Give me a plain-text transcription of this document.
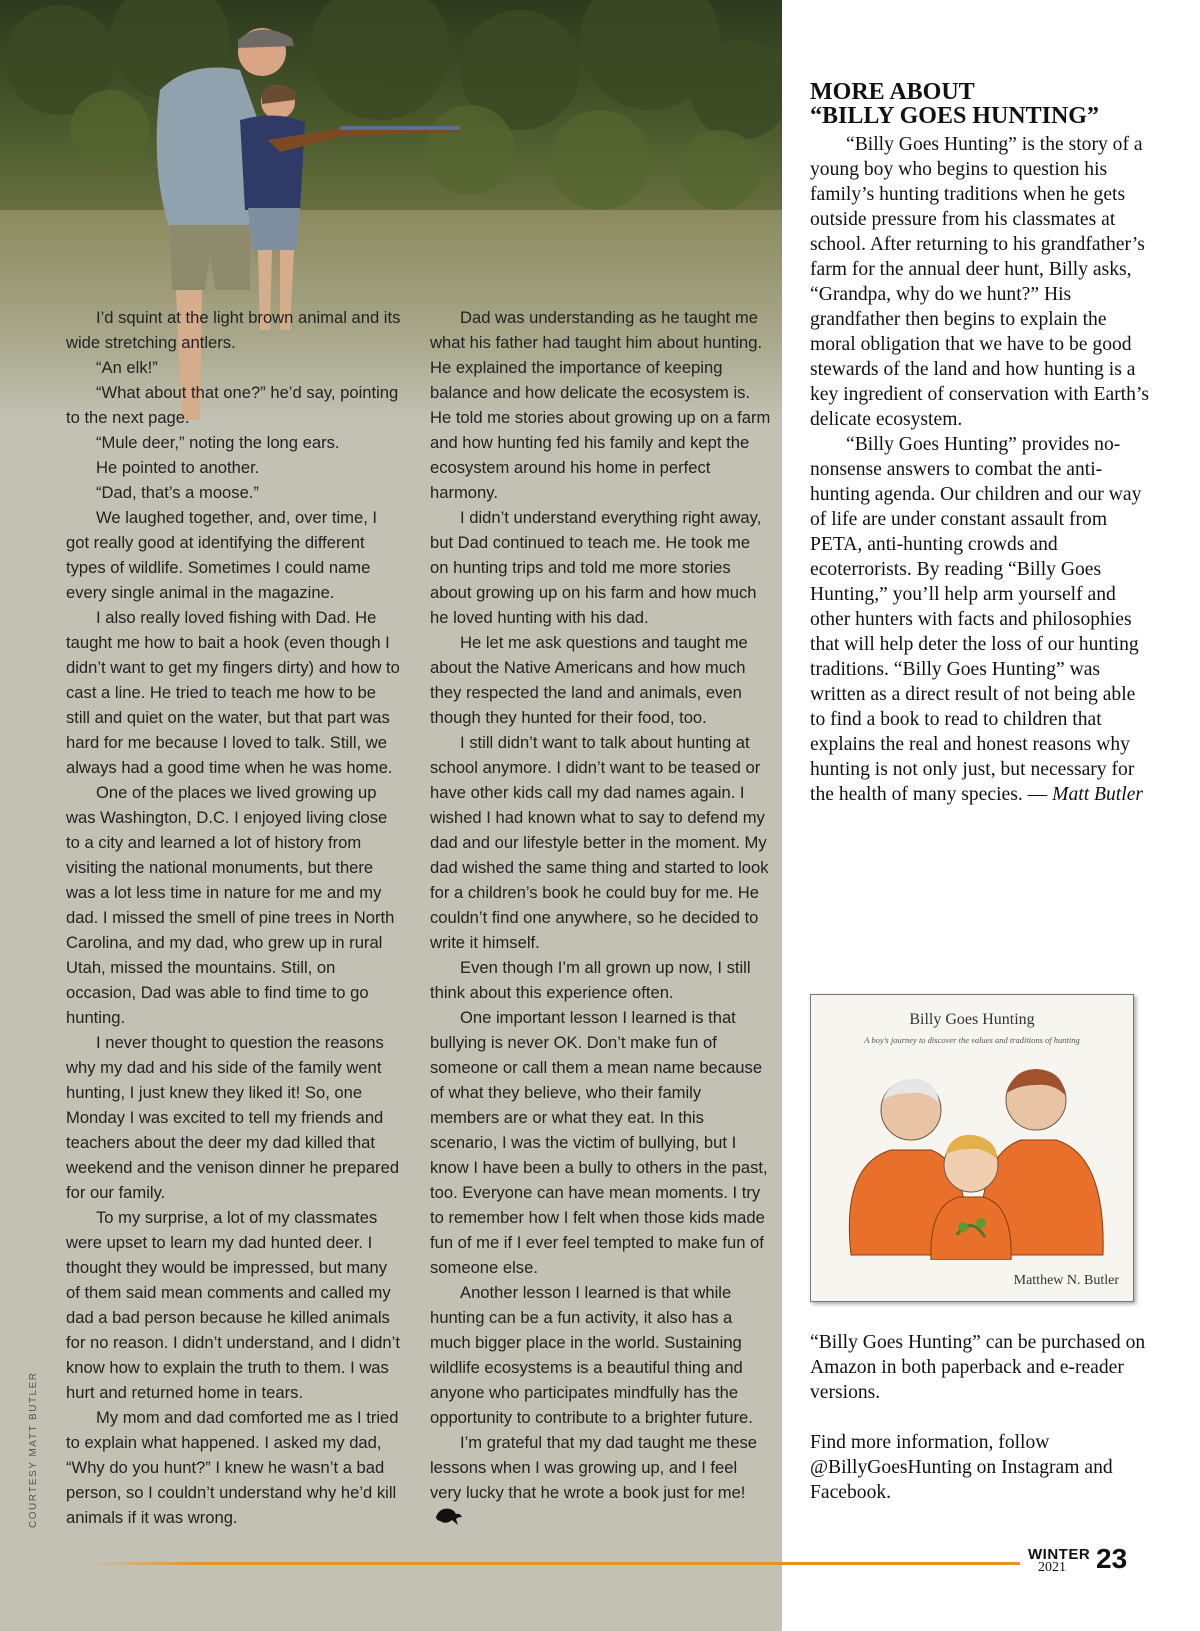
I’d squint at the light brown animal and its wide stretching antlers.

“An elk!”

“What about that one?” he’d say, pointing to the next page.

“Mule deer,” noting the long ears.

He pointed to another.

“Dad, that’s a moose.”

We laughed together, and, over time, I got really good at identifying the different types of wildlife. Sometimes I could name every single animal in the magazine.

I also really loved fishing with Dad. He taught me how to bait a hook (even though I didn’t want to get my fingers dirty) and how to cast a line. He tried to teach me how to be still and quiet on the water, but that part was hard for me because I loved to talk. Still, we always had a good time when he was home.

One of the places we lived growing up was Washington, D.C. I enjoyed living close to a city and learned a lot of history from visiting the national monuments, but there was a lot less time in nature for me and my dad. I missed the smell of pine trees in North Carolina, and my dad, who grew up in rural Utah, missed the mountains. Still, on occasion, Dad was able to find time to go hunting.

I never thought to question the reasons why my dad and his side of the family went hunting, I just knew they liked it! So, one Monday I was excited to tell my friends and teachers about the deer my dad killed that weekend and the venison dinner he prepared for our family.

To my surprise, a lot of my classmates were upset to learn my dad hunted deer. I thought they would be impressed, but many of them said mean comments and called my dad a bad person because he killed animals for no reason. I didn’t understand, and I didn’t know how to explain the truth to them. I was hurt and returned home in tears.

My mom and dad comforted me as I tried to explain what happened. I asked my dad, “Why do you hunt?” I knew he wasn’t a bad person, so I couldn’t understand why he’d kill animals if it was wrong.

Dad was understanding as he taught me what his father had taught him about hunting. He explained the importance of keeping balance and how delicate the ecosystem is. He told me stories about growing up on a farm and how hunting fed his family and kept the ecosystem around his home in perfect harmony.

I didn’t understand everything right away, but Dad continued to teach me. He took me on hunting trips and told me more stories about growing up on his farm and how much he loved hunting with his dad.

He let me ask questions and taught me about the Native Americans and how much they respected the land and animals, even though they hunted for their food, too.

I still didn’t want to talk about hunting at school anymore. I didn’t want to be teased or have other kids call my dad names again. I wished I had known what to say to defend my dad and our lifestyle better in the moment. My dad wished the same thing and started to look for a children’s book he could buy for me. He couldn’t find one anywhere, so he decided to write it himself.

Even though I’m all grown up now, I still think about this experience often.

One important lesson I learned is that bullying is never OK. Don’t make fun of someone or call them a mean name because of what they believe, who their family members are or what they eat. In this scenario, I was the victim of bullying, but I know I have been a bully to others in the past, too. Everyone can have mean moments. I try to remember how I felt when those kids made fun of me if I ever feel tempted to make fun of someone else.

Another lesson I learned is that while hunting can be a fun activity, it also has a much bigger place in the world. Sustaining wildlife ecosystems is a beautiful thing and anyone who participates mindfully has the opportunity to contribute to a brighter future.

I’m grateful that my dad taught me these lessons when I was growing up, and I feel very lucky that he wrote a book just for me!

COURTESY MATT BUTLER
MORE ABOUT
“BILLY GOES HUNTING”

“Billy Goes Hunting” is the story of a young boy who begins to question his family’s hunting traditions when he gets outside pressure from his classmates at school. After returning to his grandfather’s farm for the annual deer hunt, Billy asks, “Grandpa, why do we hunt?” His grandfather then begins to explain the moral obligation that we have to be good stewards of the land and how hunting is a key ingredient of conservation with Earth’s delicate ecosystem.

“Billy Goes Hunting” provides no-nonsense answers to combat the anti-hunting agenda. Our children and our way of life are under constant assault from PETA, anti-hunting crowds and ecoterrorists. By reading “Billy Goes Hunting,” you’ll help arm yourself and other hunters with facts and philosophies that will help deter the loss of our hunting traditions. “Billy Goes Hunting” was written as a direct result of not being able to find a book to read to children that explains the real and honest reasons why hunting is not only just, but necessary for the health of many species. — Matt Butler

Billy Goes Hunting
A boy’s journey to discover the values and traditions of hunting
Matthew N. Butler

“Billy Goes Hunting” can be purchased on Amazon in both paperback and e-reader versions.

Find more information, follow @BillyGoesHunting on Instagram and Facebook.

WINTER
2021 23
